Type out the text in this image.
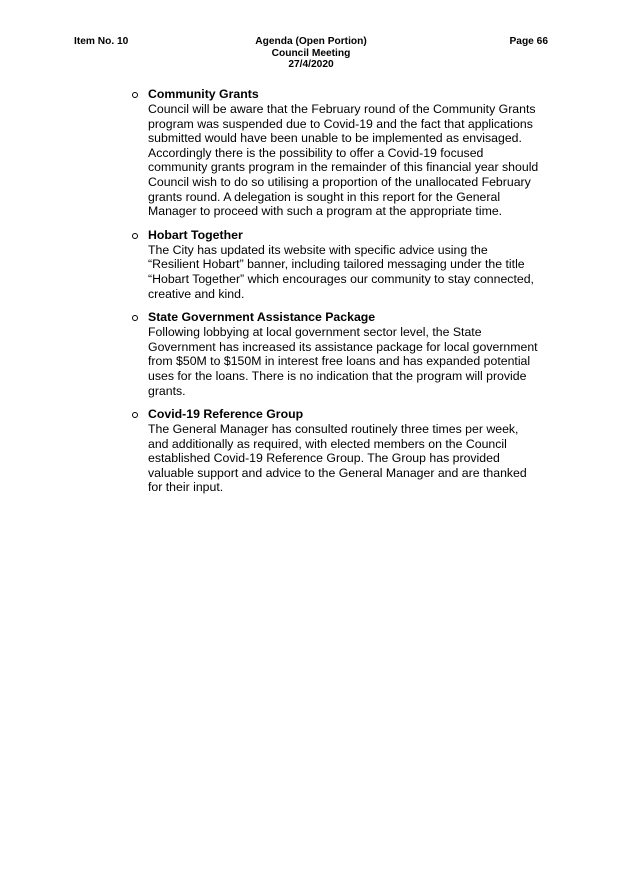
Item No. 10	Agenda (Open Portion)
Council Meeting
27/4/2020
Page 66
Community Grants
Council will be aware that the February round of the Community Grants
program was suspended due to Covid-19 and the fact that applications
submitted would have been unable to be implemented as envisaged.
Accordingly there is the possibility to offer a Covid-19 focused
community grants program in the remainder of this financial year should
Council wish to do so utilising a proportion of the unallocated February
grants round. A delegation is sought in this report for the General
Manager to proceed with such a program at the appropriate time.
Hobart Together
The City has updated its website with specific advice using the
“Resilient Hobart” banner, including tailored messaging under the title
“Hobart Together” which encourages our community to stay connected,
creative and kind.
State Government Assistance Package
Following lobbying at local government sector level, the State
Government has increased its assistance package for local government
from $50M to $150M in interest free loans and has expanded potential
uses for the loans. There is no indication that the program will provide
grants.
Covid-19 Reference Group
The General Manager has consulted routinely three times per week,
and additionally as required, with elected members on the Council
established Covid-19 Reference Group. The Group has provided
valuable support and advice to the General Manager and are thanked
for their input.
